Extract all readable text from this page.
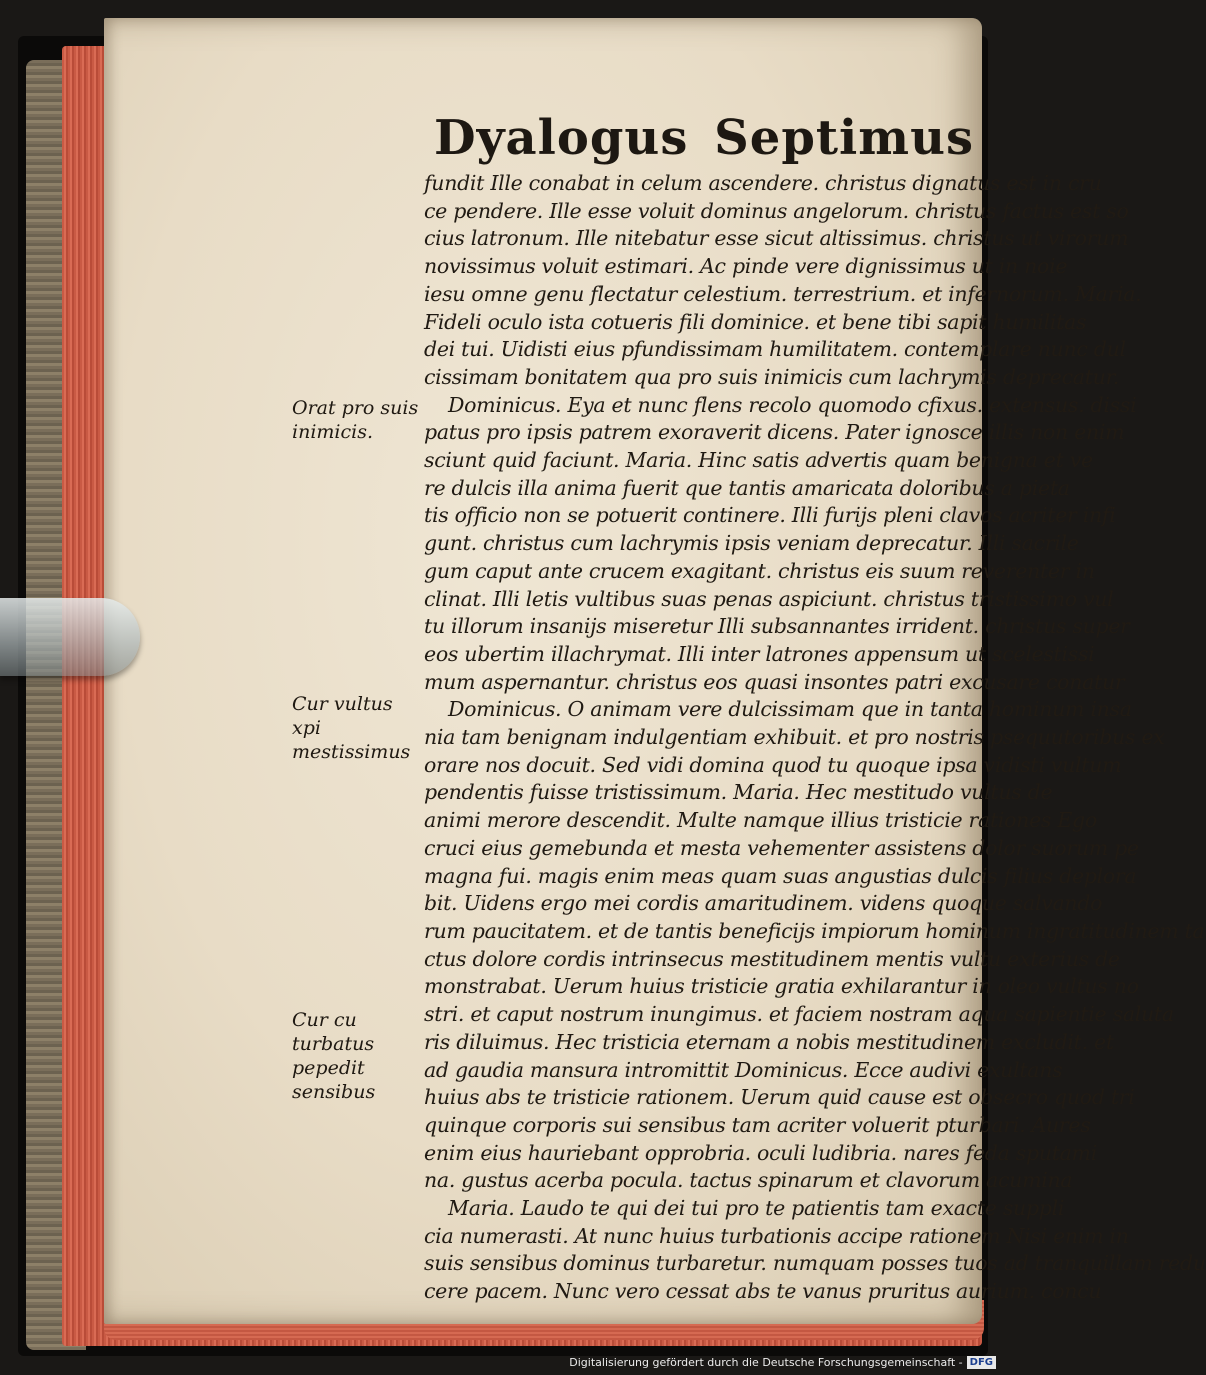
Dyalogus Septimus
fundit Ille conabat in celum ascendere. christus dignatus est in cru
ce pendere. Ille esse voluit dominus angelorum. christus factus est so
cius latronum. Ille nitebatur esse sicut altissimus. christus ut virorum
novissimus voluit estimari. Ac pinde vere dignissimus ut in noie
iesu omne genu flectatur celestium. terrestrium. et infernorum. Maria.
Fideli oculo ista cotueris fili dominice. et bene tibi sapit humilitas
dei tui. Uidisti eius pfundissimam humilitatem. contemplare nunc dul
cissimam bonitatem qua pro suis inimicis cum lachrymis deprecatur.
Dominicus. Eya et nunc flens recolo quomodo cfixus. extensus. dissi
patus pro ipsis patrem exoraverit dicens. Pater ignosce illis non enim
sciunt quid faciunt. Maria. Hinc satis advertis quam benigna et ve
re dulcis illa anima fuerit que tantis amaricata doloribus a pieta
tis officio non se potuerit continere. Illi furijs pleni clavos acriter infi
gunt. christus cum lachrymis ipsis veniam deprecatur. Illi sacrile
gum caput ante crucem exagitant. christus eis suum reverenter in
clinat. Illi letis vultibus suas penas aspiciunt. christus tristissimo vul
tu illorum insanijs miseretur Illi subsannantes irrident. christus super
eos ubertim illachrymat. Illi inter latrones appensum ut scelestissi
mum aspernantur. christus eos quasi insontes patri excusare conatur
Dominicus. O animam vere dulcissimam que in tanta hominum insa
nia tam benignam indulgentiam exhibuit. et pro nostris psequutoribus ex
orare nos docuit. Sed vidi domina quod tu quoque ipsa vidisti vultum
pendentis fuisse tristissimum. Maria. Hec mestitudo vultus de
animi merore descendit. Multe namque illius tristicie rationes Ego
cruci eius gemebunda et mesta vehementer assistens dolor suorum pe
magna fui. magis enim meas quam suas angustias dulcis filius deplora
bit. Uidens ergo mei cordis amaritudinem. videns quoque salvando
rum paucitatem. et de tantis beneficijs impiorum hominum ingratitudinem ta
ctus dolore cordis intrinsecus mestitudinem mentis vultu exterius de
monstrabat. Uerum huius tristicie gratia exhilarantur in oleo vultus no
stri. et caput nostrum inungimus. et faciem nostram aqua sapientie saluta
ris diluimus. Hec tristicia eternam a nobis mestitudinem excludit. et
ad gaudia mansura intromittit Dominicus. Ecce audivi exultans
huius abs te tristicie rationem. Uerum quid cause est obsecro quod tri
quinque corporis sui sensibus tam acriter voluerit pturbari. Aures
enim eius hauriebant opprobria. oculi ludibria. nares feda sputami
na. gustus acerba pocula. tactus spinarum et clavorum acumina
Maria. Laudo te qui dei tui pro te patientis tam exacte suppli
cia numerasti. At nunc huius turbationis accipe rationem Nisi enim in
suis sensibus dominus turbaretur. numquam posses tuos ad tranquillam redu
cere pacem. Nunc vero cessat abs te vanus pruritus aurium. concu
Orat pro suis inimicis.
Cur vultus xpi mestissimus
Cur cu turbatus pepedit sensibus
Digitalisierung gefördert durch die Deutsche Forschungsgemeinschaft - DFG
